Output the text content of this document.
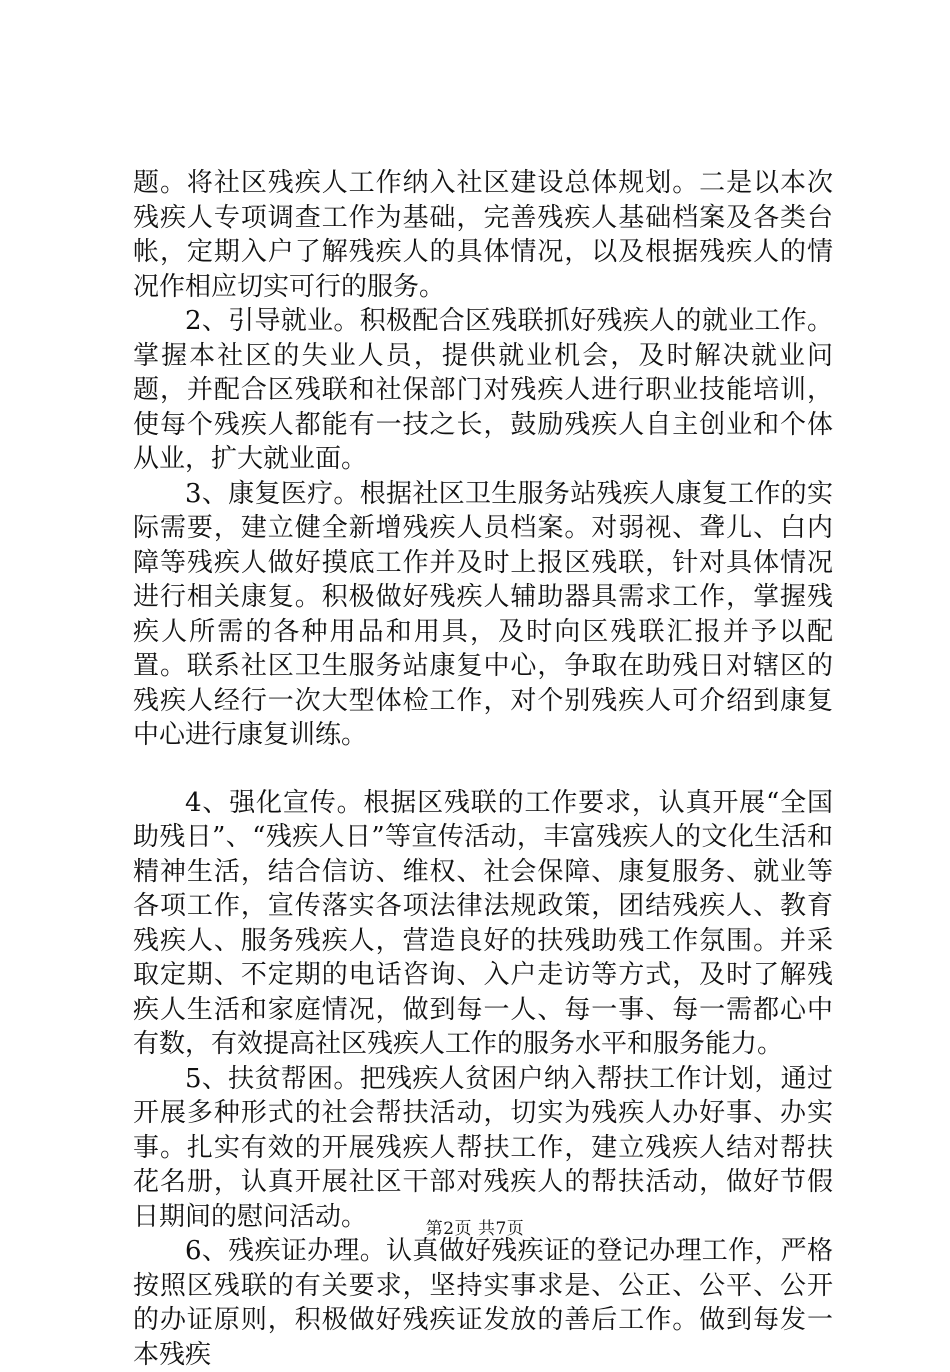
题。将社区残疾人工作纳入社区建设总体规划。二是以本次残疾人专项调查工作为基础，完善残疾人基础档案及各类台帐，定期入户了解残疾人的具体情况，以及根据残疾人的情况作相应切实可行的服务。

2、引导就业。积极配合区残联抓好残疾人的就业工作。掌握本社区的失业人员，提供就业机会，及时解决就业问题，并配合区残联和社保部门对残疾人进行职业技能培训，使每个残疾人都能有一技之长，鼓励残疾人自主创业和个体从业，扩大就业面。

3、康复医疗。根据社区卫生服务站残疾人康复工作的实际需要，建立健全新增残疾人员档案。对弱视、聋儿、白内障等残疾人做好摸底工作并及时上报区残联，针对具体情况进行相关康复。积极做好残疾人辅助器具需求工作，掌握残疾人所需的各种用品和用具，及时向区残联汇报并予以配置。联系社区卫生服务站康复中心，争取在助残日对辖区的残疾人经行一次大型体检工作，对个别残疾人可介绍到康复中心进行康复训练。

4、强化宣传。根据区残联的工作要求，认真开展“全国助残日”、“残疾人日”等宣传活动，丰富残疾人的文化生活和精神生活，结合信访、维权、社会保障、康复服务、就业等各项工作，宣传落实各项法律法规政策，团结残疾人、教育残疾人、服务残疾人，营造良好的扶残助残工作氛围。并采取定期、不定期的电话咨询、入户走访等方式，及时了解残疾人生活和家庭情况，做到每一人、每一事、每一需都心中有数，有效提高社区残疾人工作的服务水平和服务能力。

5、扶贫帮困。把残疾人贫困户纳入帮扶工作计划，通过开展多种形式的社会帮扶活动，切实为残疾人办好事、办实事。扎实有效的开展残疾人帮扶工作，建立残疾人结对帮扶花名册，认真开展社区干部对残疾人的帮扶活动，做好节假日期间的慰问活动。

6、残疾证办理。认真做好残疾证的登记办理工作，严格按照区残联的有关要求，坚持实事求是、公正、公平、公开的办证原则，积极做好残疾证发放的善后工作。做到每发一本残疾

第2页 共7页
